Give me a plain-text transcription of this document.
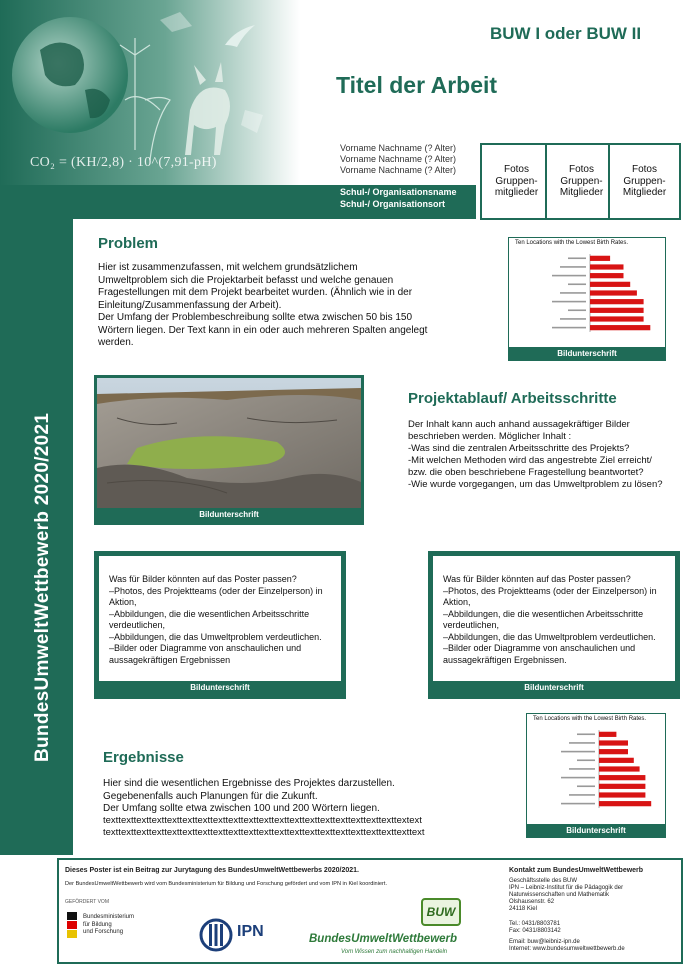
CO₂ = (KH/2,8) · 10^(7,91-pH)
BUW I oder BUW II
Titel der Arbeit
Vorname Nachname (? Alter)
Vorname Nachname (? Alter)
Vorname Nachname (? Alter)
Schul-/ Organisationsname
Schul-/ Organisationsort
Fotos Gruppen-mitglieder
Fotos Gruppen-Mitglieder
Fotos Gruppen-Mitglieder
BundesUmweltWettbewerb 2020/2021
Problem
Hier ist zusammenzufassen, mit welchem grundsätzlichem Umweltproblem sich die Projektarbeit befasst und welche genauen Fragestellungen mit dem Projekt bearbeitet wurden. (Ähnlich wie in der Einleitung/Zusammenfassung der Arbeit).
Der Umfang der Problembeschreibung sollte etwa zwischen 50 bis 150 Wörtern liegen. Der Text kann in ein oder auch mehreren Spalten angelegt werden.
Ten Locations with the Lowest Birth Rates.
Bildunterschrift
Bildunterschrift
Projektablauf/ Arbeitsschritte
Der Inhalt kann auch anhand aussagekräftiger Bilder beschrieben werden. Möglicher Inhalt :
-Was sind die zentralen Arbeitsschritte des Projekts?
-Mit welchen Methoden wird das angestrebte Ziel erreicht/ bzw. die oben beschriebene Fragestellung beantwortet?
-Wie wurde vorgegangen, um das Umweltproblem zu lösen?
Was für Bilder könnten auf das Poster passen?
–Photos, des Projektteams (oder der Einzelperson) in Aktion,
–Abbildungen, die die wesentlichen Arbeitsschritte verdeutlichen,
–Abbildungen, die das Umweltproblem verdeutlichen.
–Bilder oder Diagramme von anschaulichen und aussagekräftigen Ergebnissen
Bildunterschrift
Was für Bilder könnten auf das Poster passen?
–Photos, des Projektteams (oder der Einzelperson) in Aktion,
–Abbildungen, die die wesentlichen Arbeitsschritte verdeutlichen,
–Abbildungen, die das Umweltproblem verdeutlichen.
–Bilder oder Diagramme von anschaulichen und aussagekräftigen Ergebnissen.
Bildunterschrift
Ergebnisse
Hier sind die wesentlichen Ergebnisse des Projektes darzustellen.
Gegebenenfalls auch Planungen für die Zukunft.
Der Umfang sollte etwa zwischen 100 und 200 Wörtern liegen.
texttexttexttexttexttexttexttexttexttexttexttexttexttexttexttexttexttexttexttextext
texttexttexttexttexttexttexttexttexttexttexttexttexttexttexttexttexttexttexttexttext
Ten Locations with the Lowest Birth Rates.
Bildunterschrift
Dieses Poster ist ein Beitrag zur Jurytagung des BundesUmweltWettbewerbs 2020/2021.
Der BundesUmweltWettbewerb wird vom Bundesministerium für Bildung und Forschung gefördert und vom IPN in Kiel koordiniert.
GEFÖRDERT VOM
Bundesministerium
für Bildung
und Forschung	IPN
BUW
BundesUmweltWettbewerb
Vom Wissen zum nachhaltigen Handeln
Kontakt zum BundesUmweltWettbewerb
Geschäftsstelle des BUW
IPN – Leibniz-Institut für die Pädagogik der
Naturwissenschaften und Mathematik
Olshausenstr. 62
24118 Kiel
Tel.: 0431/8803781
Fax: 0431/8803142
Email: buw@leibniz-ipn.de
Internet: www.bundesumweltwettbewerb.de
